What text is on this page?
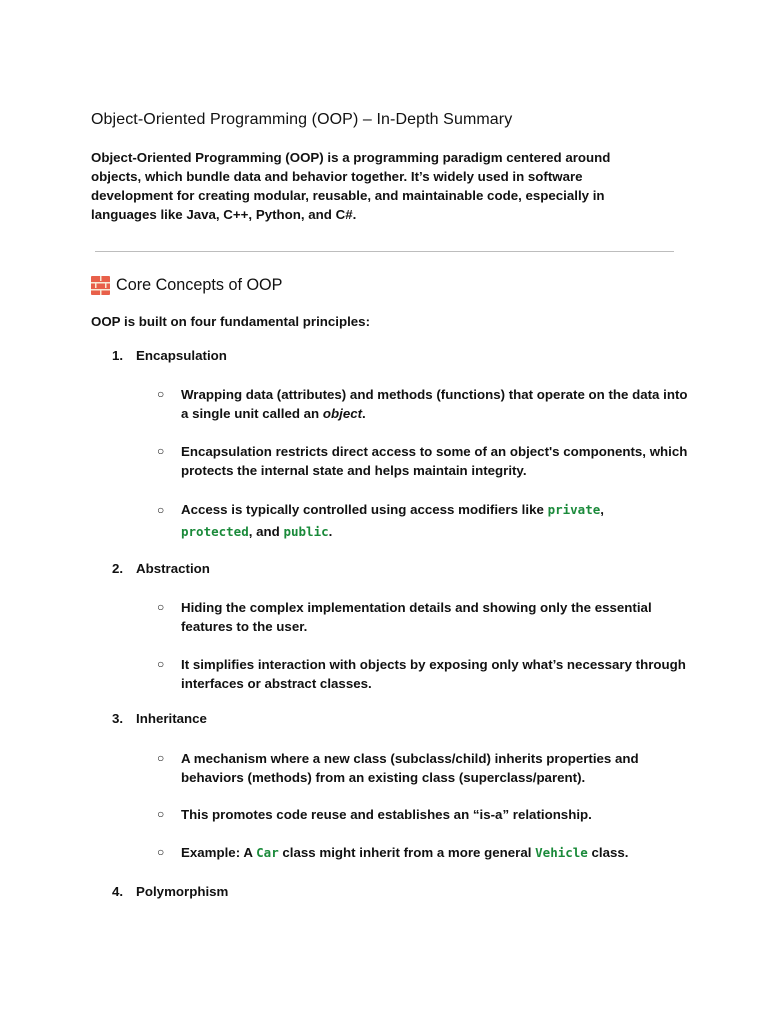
Object-Oriented Programming (OOP) – In-Depth Summary
Object-Oriented Programming (OOP) is a programming paradigm centered around objects, which bundle data and behavior together. It’s widely used in software development for creating modular, reusable, and maintainable code, especially in languages like Java, C++, Python, and C#.
Core Concepts of OOP
OOP is built on four fundamental principles:
1. Encapsulation
○ Wrapping data (attributes) and methods (functions) that operate on the data into a single unit called an object.
○ Encapsulation restricts direct access to some of an object's components, which protects the internal state and helps maintain integrity.
○ Access is typically controlled using access modifiers like private, protected, and public.
2. Abstraction
○ Hiding the complex implementation details and showing only the essential features to the user.
○ It simplifies interaction with objects by exposing only what’s necessary through interfaces or abstract classes.
3. Inheritance
○ A mechanism where a new class (subclass/child) inherits properties and behaviors (methods) from an existing class (superclass/parent).
○ This promotes code reuse and establishes an “is-a” relationship.
○ Example: A Car class might inherit from a more general Vehicle class.
4. Polymorphism
